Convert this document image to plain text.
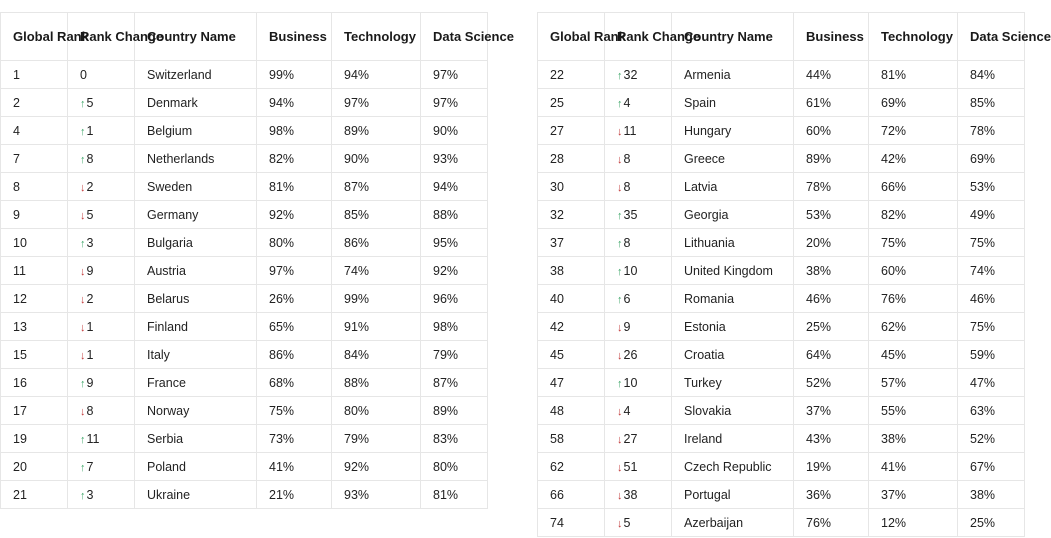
Global Rank	Rank Change	Country Name	Business	Technology	Data Science
1	0	Switzerland	99%	94%	97%
2	↑5	Denmark	94%	97%	97%
4	↑1	Belgium	98%	89%	90%
7	↑8	Netherlands	82%	90%	93%
8	↓2	Sweden	81%	87%	94%
9	↓5	Germany	92%	85%	88%
10	↑3	Bulgaria	80%	86%	95%
11	↓9	Austria	97%	74%	92%
12	↓2	Belarus	26%	99%	96%
13	↓1	Finland	65%	91%	98%
15	↓1	Italy	86%	84%	79%
16	↑9	France	68%	88%	87%
17	↓8	Norway	75%	80%	89%
19	↑11	Serbia	73%	79%	83%
20	↑7	Poland	41%	92%	80%
21	↑3	Ukraine	21%	93%	81%
Global Rank	Rank Change	Country Name	Business	Technology	Data Science
22	↑32	Armenia	44%	81%	84%
25	↑4	Spain	61%	69%	85%
27	↓11	Hungary	60%	72%	78%
28	↓8	Greece	89%	42%	69%
30	↓8	Latvia	78%	66%	53%
32	↑35	Georgia	53%	82%	49%
37	↑8	Lithuania	20%	75%	75%
38	↑10	United Kingdom	38%	60%	74%
40	↑6	Romania	46%	76%	46%
42	↓9	Estonia	25%	62%	75%
45	↓26	Croatia	64%	45%	59%
47	↑10	Turkey	52%	57%	47%
48	↓4	Slovakia	37%	55%	63%
58	↓27	Ireland	43%	38%	52%
62	↓51	Czech Republic	19%	41%	67%
66	↓38	Portugal	36%	37%	38%
74	↓5	Azerbaijan	76%	12%	25%
